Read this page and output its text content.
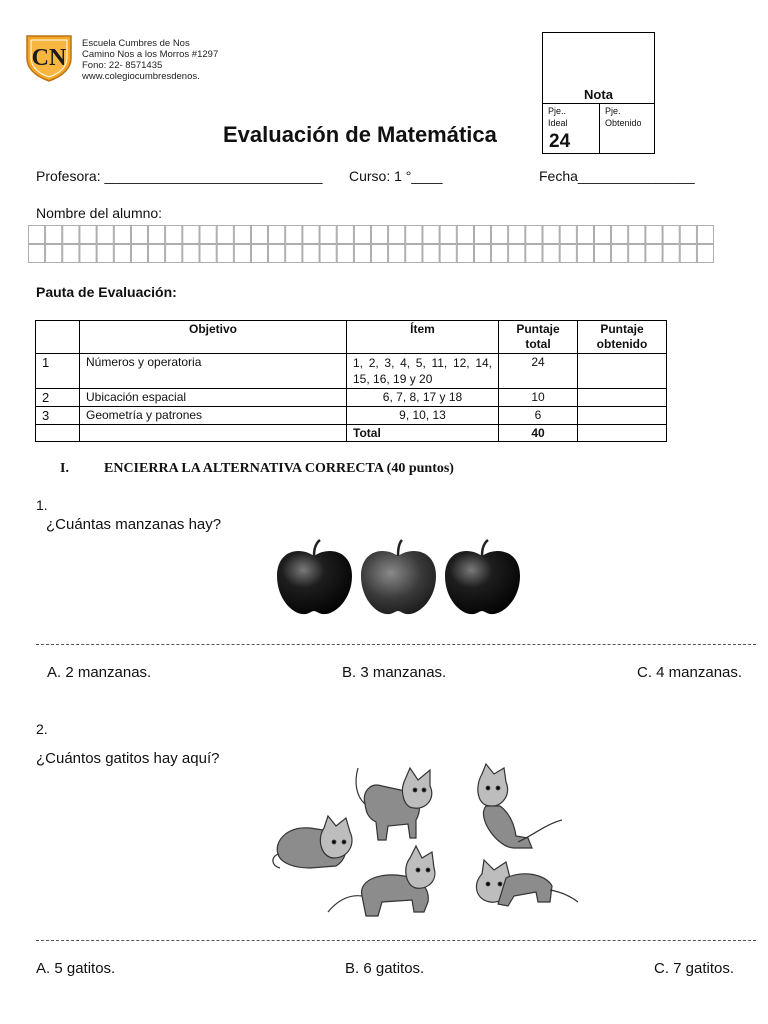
CN
Escuela Cumbres de Nos
Camino Nos a los Morros #1297
Fono: 22- 8571435
www.colegiocumbresdenos.
Evaluación de Matemática
Nota
Pje..
Ideal
Pje.
Obtenido
24
Profesora: ____________________________ Curso: 1 °____	Fecha_______________
Nombre del alumno:
Pauta de Evaluación:
	Objetivo	Ítem	Puntaje total	Puntaje obtenido
1	Números y operatoria	1, 2, 3, 4, 5, 11, 12, 14, 15, 16, 19 y 20	24	
2	Ubicación espacial	6, 7, 8, 17 y 18	10	
3	Geometría y patrones	9, 10, 13	6	
		Total	40	
I.	ENCIERRA LA ALTERNATIVA CORRECTA (40 puntos)
1.
¿Cuántas manzanas hay?
A. 2 manzanas.	B. 3 manzanas.	C. 4 manzanas.
2.
¿Cuántos gatitos hay aquí?
A. 5 gatitos.	B. 6 gatitos.	C. 7 gatitos.
